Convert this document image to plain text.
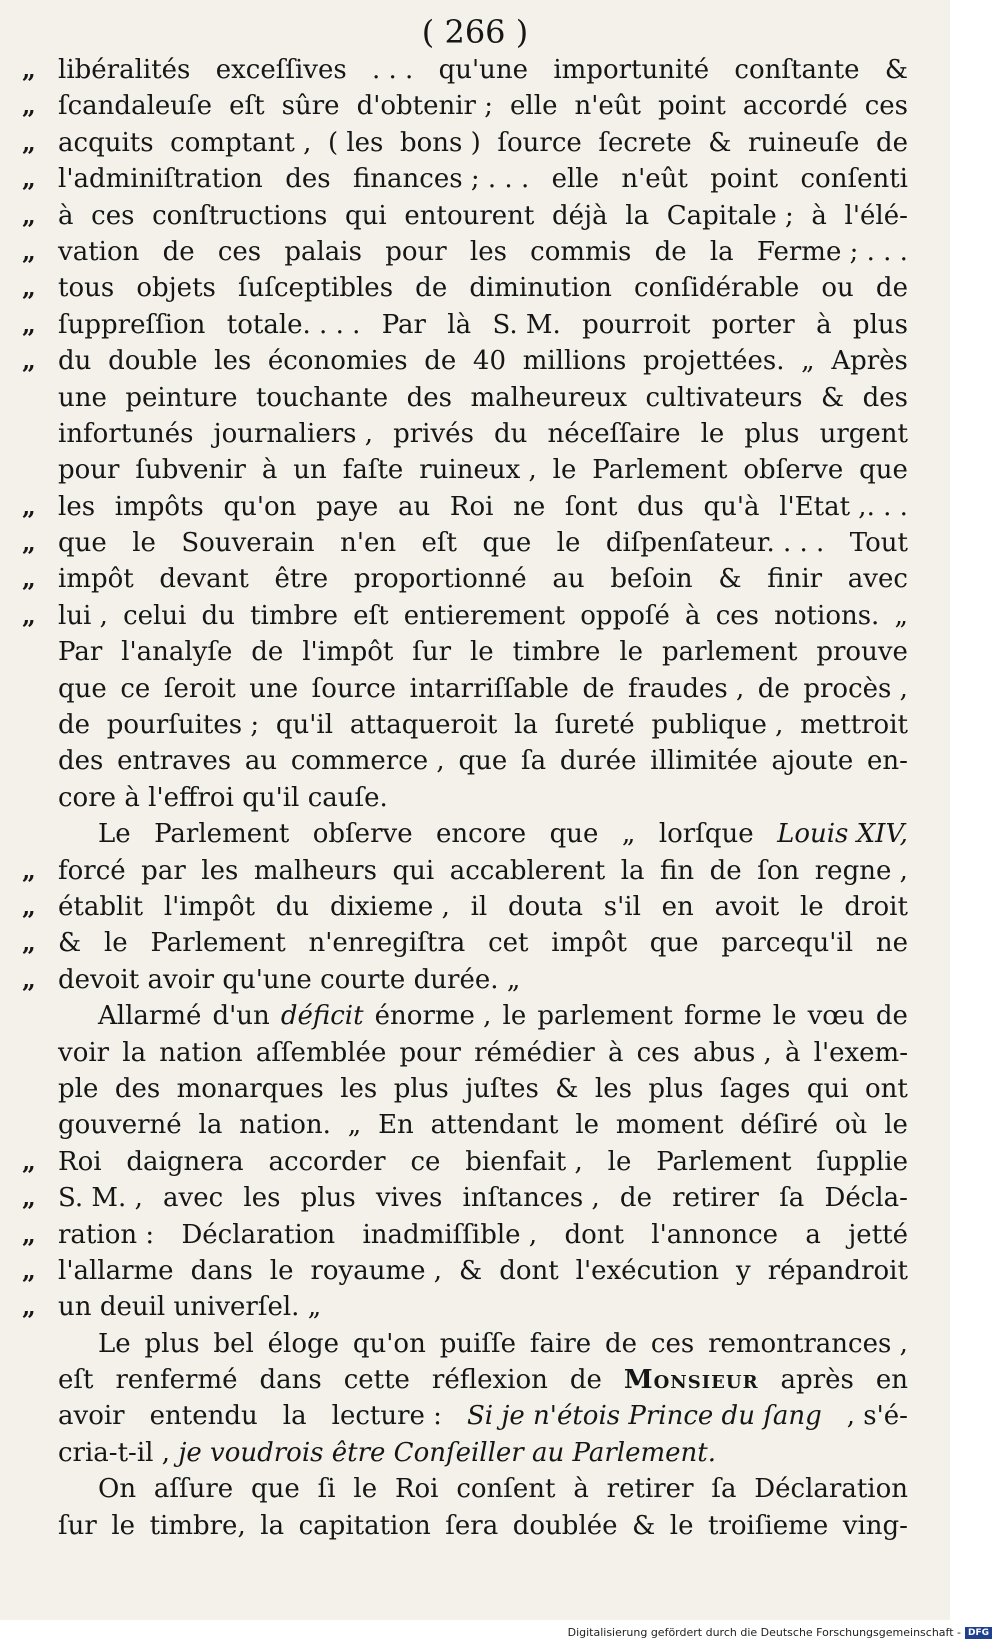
( 266 )
„ libéralités exceſſives . . . qu'une importunité conſtante &
„ ſcandaleuſe eſt sûre d'obtenir ; elle n'eût point accordé ces
„ acquits comptant , ( les bons ) ſource ſecrete & ruineuſe de
„ l'adminiſtration des finances ; . . . elle n'eût point conſenti
„ à ces conſtructions qui entourent déjà la Capitale ; à l'élé-
„ vation de ces palais pour les commis de la Ferme ; . . .
„ tous objets ſuſceptibles de diminution conſidérable ou de
„ ſuppreſſion totale. . . . Par là S. M. pourroit porter à plus
„ du double les économies de 40 millions projettées. „ Après
une peinture touchante des malheureux cultivateurs & des
infortunés journaliers , privés du néceſſaire le plus urgent
pour ſubvenir à un faſte ruineux , le Parlement obſerve que
„ les impôts qu'on paye au Roi ne ſont dus qu'à l'Etat ,. . .
„ que le Souverain n'en eſt que le diſpenſateur. . . . Tout
„ impôt devant être proportionné au beſoin & finir avec
„ lui , celui du timbre eſt entierement oppoſé à ces notions. „
Par l'analyſe de l'impôt ſur le timbre le parlement prouve
que ce ſeroit une ſource intarriſſable de fraudes , de procès ,
de pourſuites ; qu'il attaqueroit la ſureté publique , mettroit
des entraves au commerce , que ſa durée illimitée ajoute en-
core à l'effroi qu'il cauſe.
Le Parlement obſerve encore que „ lorſque Louis XIV,
„ forcé par les malheurs qui accablerent la fin de ſon regne ,
„ établit l'impôt du dixieme , il douta s'il en avoit le droit
„ & le Parlement n'enregiſtra cet impôt que parcequ'il ne
„ devoit avoir qu'une courte durée. „
Allarmé d'un déficit énorme , le parlement forme le vœu de
voir la nation aſſemblée pour rémédier à ces abus , à l'exem-
ple des monarques les plus juſtes & les plus ſages qui ont
gouverné la nation. „ En attendant le moment déſiré où le
„ Roi daignera accorder ce bienfait , le Parlement ſupplie
„ S. M. , avec les plus vives inſtances , de retirer ſa Décla-
„ ration : Déclaration inadmiſſible , dont l'annonce a jetté
„ l'allarme dans le royaume , & dont l'exécution y répandroit
„ un deuil univerſel. „
Le plus bel éloge qu'on puiſſe faire de ces remontrances ,
eſt renfermé dans cette réflexion de Monsieur après en
avoir entendu la lecture : Si je n'étois Prince du ſang , s'é-
cria-t-il , je voudrois être Conſeiller au Parlement.
On aſſure que ſi le Roi conſent à retirer ſa Déclaration
ſur le timbre, la capitation ſera doublée & le troiſieme ving-
Digitalisierung gefördert durch die Deutsche Forschungsgemeinschaft - DFG
